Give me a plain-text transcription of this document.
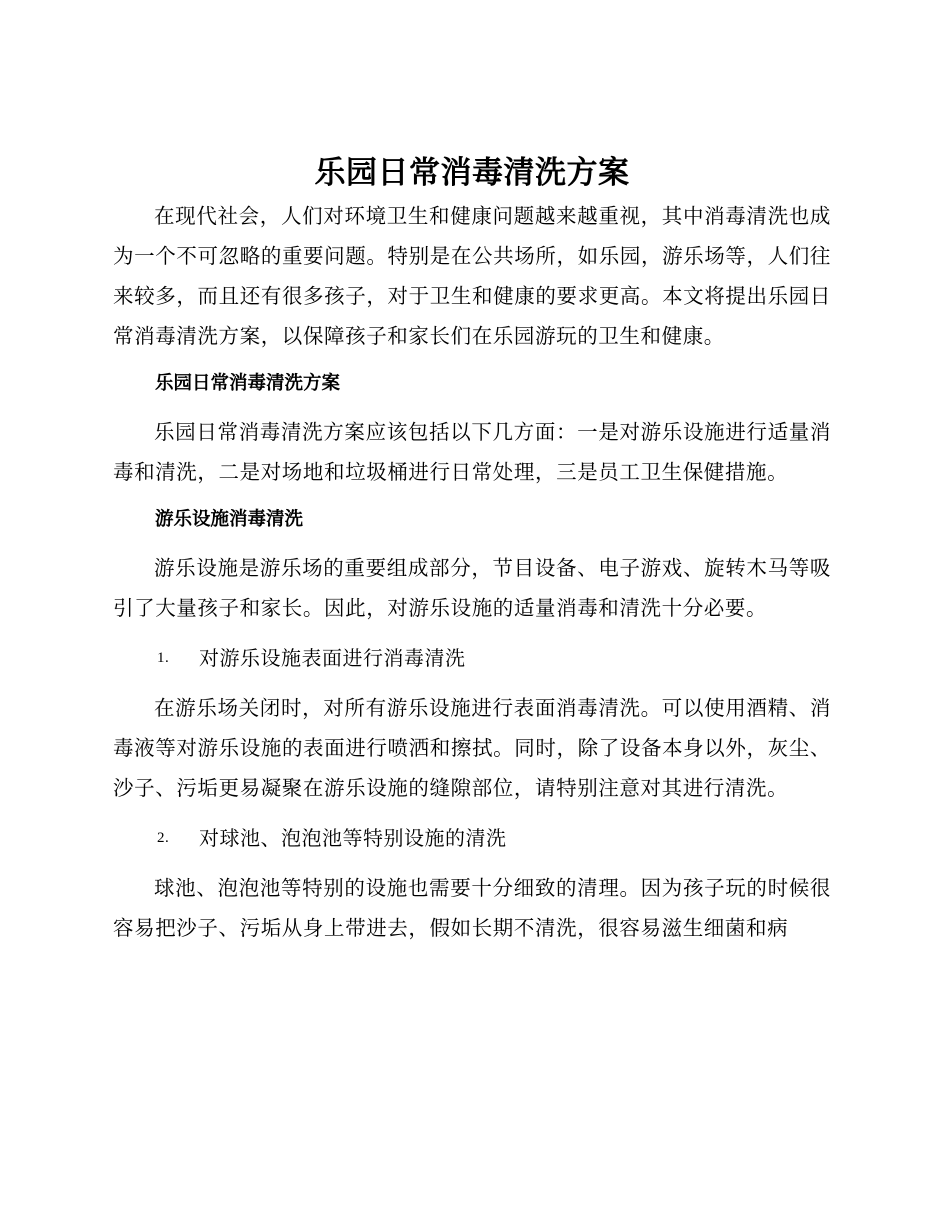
乐园日常消毒清洗方案

在现代社会，人们对环境卫生和健康问题越来越重视，其中消毒清洗也成为一个不可忽略的重要问题。特别是在公共场所，如乐园，游乐场等，人们往来较多，而且还有很多孩子，对于卫生和健康的要求更高。本文将提出乐园日常消毒清洗方案，以保障孩子和家长们在乐园游玩的卫生和健康。

乐园日常消毒清洗方案

乐园日常消毒清洗方案应该包括以下几方面：一是对游乐设施进行适量消毒和清洗，二是对场地和垃圾桶进行日常处理，三是员工卫生保健措施。

游乐设施消毒清洗

游乐设施是游乐场的重要组成部分，节目设备、电子游戏、旋转木马等吸引了大量孩子和家长。因此，对游乐设施的适量消毒和清洗十分必要。

1.	对游乐设施表面进行消毒清洗

在游乐场关闭时，对所有游乐设施进行表面消毒清洗。可以使用酒精、消毒液等对游乐设施的表面进行喷洒和擦拭。同时，除了设备本身以外，灰尘、沙子、污垢更易凝聚在游乐设施的缝隙部位，请特别注意对其进行清洗。

2.	对球池、泡泡池等特别设施的清洗

球池、泡泡池等特别的设施也需要十分细致的清理。因为孩子玩的时候很容易把沙子、污垢从身上带进去，假如长期不清洗，很容易滋生细菌和病
